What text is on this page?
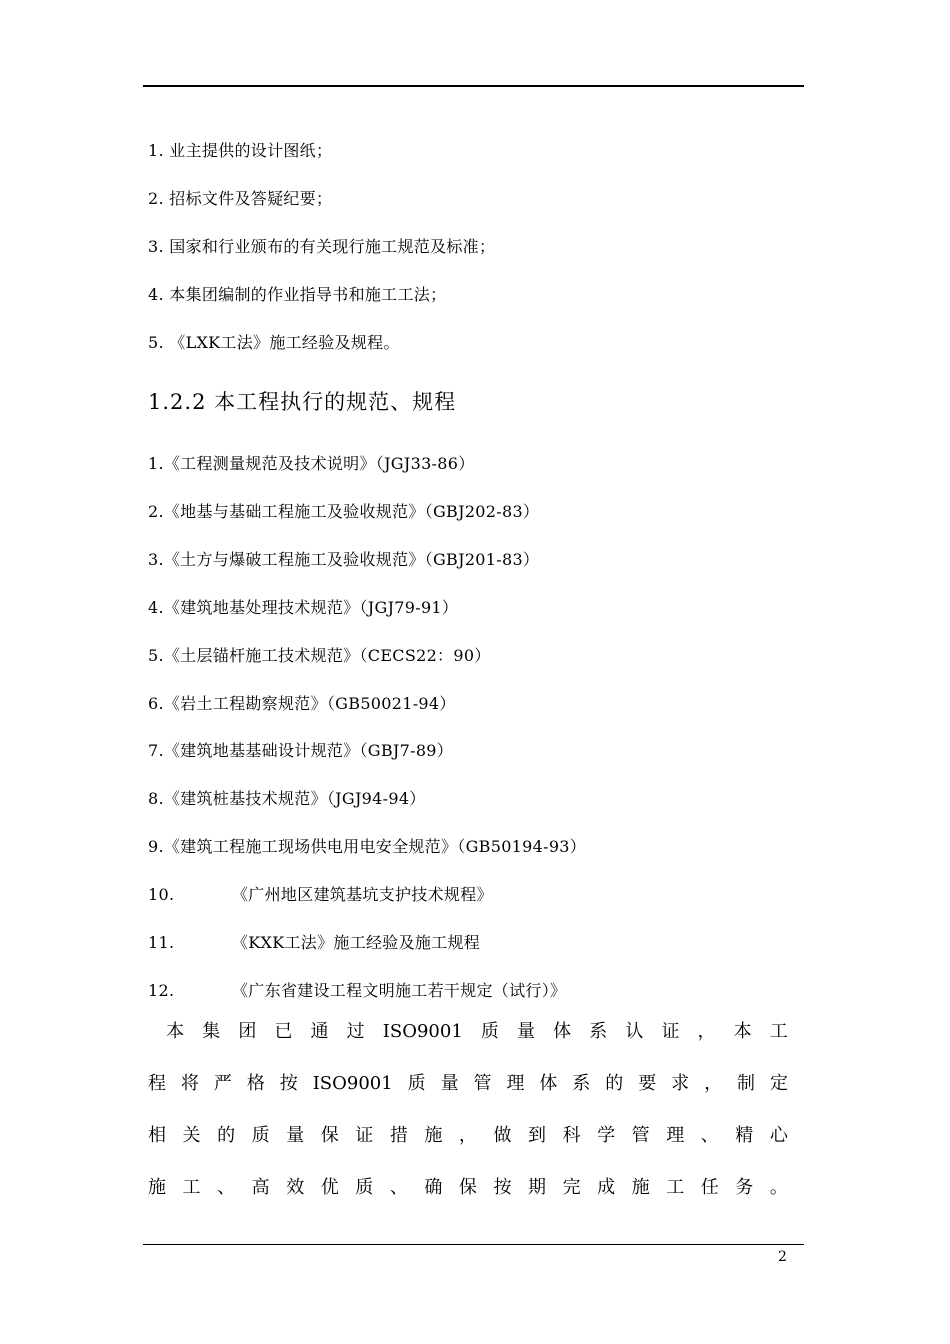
1. 业主提供的设计图纸；
2. 招标文件及答疑纪要；
3. 国家和行业颁布的有关现行施工规范及标准；
4. 本集团编制的作业指导书和施工工法；
5. 《LXK工法》施工经验及规程。
1.2.2 本工程执行的规范、规程
1.《工程测量规范及技术说明》（JGJ33-86）
2.《地基与基础工程施工及验收规范》（GBJ202-83）
3.《土方与爆破工程施工及验收规范》（GBJ201-83）
4.《建筑地基处理技术规范》（JGJ79-91）
5.《土层锚杆施工技术规范》（CECS22：90）
6.《岩土工程勘察规范》（GB50021-94）
7.《建筑地基基础设计规范》（GBJ7-89）
8.《建筑桩基技术规范》（JGJ94-94）
9.《建筑工程施工现场供电用电安全规范》（GB50194-93）
10.	《广州地区建筑基坑支护技术规程》
11.	《KXK工法》施工经验及施工规程
12.	《广东省建设工程文明施工若干规定（试行）》
本 集 团 已 通 过 ISO9001 质 量 体 系 认 证 ， 本 工
程 将 严 格 按 ISO9001 质 量 管 理 体 系 的 要 求 ， 制 定
相 关 的 质 量 保 证 措 施 ， 做 到 科 学 管 理 、 精 心
施 工 、 高 效 优 质 、 确 保 按 期 完 成 施 工 任 务 。
2
